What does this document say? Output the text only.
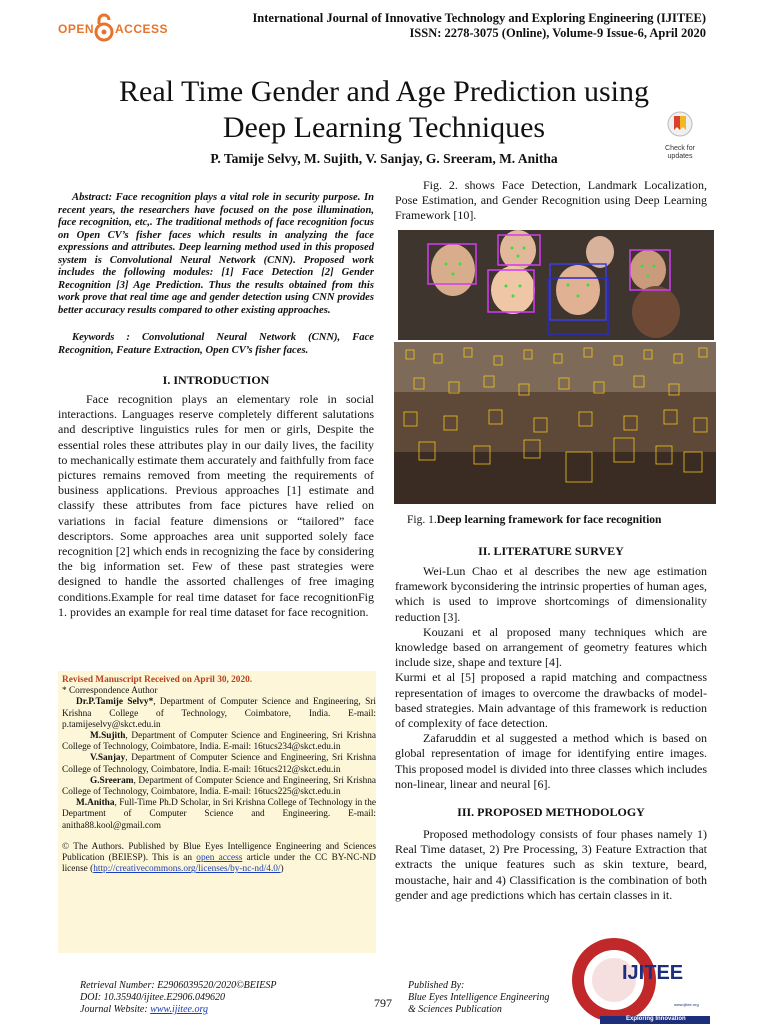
OPEN ACCESS
International Journal of Innovative Technology and Exploring Engineering (IJITEE)
ISSN: 2278-3075 (Online), Volume-9 Issue-6, April 2020
Real Time Gender and Age Prediction using
Deep Learning Techniques
Check for
updates
P. Tamije Selvy, M. Sujith, V. Sanjay, G. Sreeram, M. Anitha
Abstract: Face recognition plays a vital role in security purpose. In recent years, the researchers have focused on the pose illumination, face recognition, etc,. The traditional methods of face recognition focus on Open CV’s fisher faces which results in analyzing the face expressions and attributes. Deep learning method used in this proposed system is Convolutional Neural Network (CNN). Proposed work includes the following modules: [1] Face Detection [2] Gender Recognition [3] Age Prediction. Thus the results obtained from this work prove that real time age and gender detection using CNN provides better accuracy results compared to other existing approaches.
Keywords : Convolutional Neural Network (CNN), Face Recognition, Feature Extraction, Open CV’s fisher faces.
I. INTRODUCTION
Face recognition plays an elementary role in social interactions. Languages reserve completely different salutations and descriptive linguistics rules for men or girls, Despite the essential roles these attributes play in our daily lives, the facility to mechanically estimate them accurately and faithfully from face pictures remains removed from meeting the requirements of business applications. Previous approaches [1] estimate and classify these attributes from face pictures have relied on variations in facial feature dimensions or “tailored” face descriptors. Some approaches area unit supported solely face recognition [2] which ends in recognizing the face by considering the big information set. Few of these past strategies were designed to handle the assorted challenges of free imaging conditions.Example for real time dataset for face recognitionFig 1. provides an example for real time dataset for face recognition.

Revised Manuscript Received on April 30, 2020.

* Correspondence Author

Dr.P.Tamije Selvy*, Department of Computer Science and Engineering, Sri Krishna College of Technology, Coimbatore, India. E-mail: p.tamijeselvy@skct.edu.in

M.Sujith, Department of Computer Science and Engineering, Sri Krishna College of Technology, Coimbatore, India. E-mail: 16tucs234@skct.edu.in

V.Sanjay, Department of Computer Science and Engineering, Sri Krishna College of Technology, Coimbatore, India. E-mail: 16tucs212@skct.edu.in

G.Sreeram, Department of Computer Science and Engineering, Sri Krishna College of Technology, Coimbatore, India. E-mail: 16tucs225@skct.edu.in

M.Anitha, Full-Time Ph.D Scholar, in Sri Krishna College of Technology in the Department of Computer Science and Engineering. E-mail: anitha88.kool@gmail.com

© The Authors. Published by Blue Eyes Intelligence Engineering and Sciences Publication (BEIESP). This is an open access article under the CC BY-NC-ND license (http://creativecommons.org/licenses/by-nc-nd/4.0/)

Fig. 2. shows Face Detection, Landmark Localization, Pose Estimation, and Gender Recognition using Deep Learning Framework [10].
Fig. 1.Deep learning framework for face recognition
II. LITERATURE SURVEY

Wei-Lun Chao et al describes the new age estimation framework byconsidering the intrinsic properties of human ages, which is used to improve shortcomings of dimensionality reduction [3].

Kouzani et al proposed many techniques which are knowledge based on arrangement of geometry features which include size, shape and texture [4].

Kurmi et al [5] proposed a rapid matching and compactness representation of images to overcome the drawbacks of model-based strategies. Main advantage of this framework is reduction of complexity of face detection.

Zafaruddin et al suggested a method which is based on global representation of image for identifying entire images. This proposed model is divided into three classes which includes non-linear, linear and neural [6].

III. PROPOSED METHODOLOGY
Proposed methodology consists of four phases namely 1) Real Time dataset, 2) Pre Processing, 3) Feature Extraction that extracts the unique features such as skin texture, beard, moustache, hair and 4) Classification is the combination of both gender and age predictions which has certain classes in it.
IJITEE
Exploring Innovation
www.ijitee.org
Retrieval Number: E2906039520/2020©BEIESP
DOI: 10.35940/ijitee.E2906.049620
Journal Website: www.ijitee.org	797
Published By:
Blue Eyes Intelligence Engineering
& Sciences Publication
